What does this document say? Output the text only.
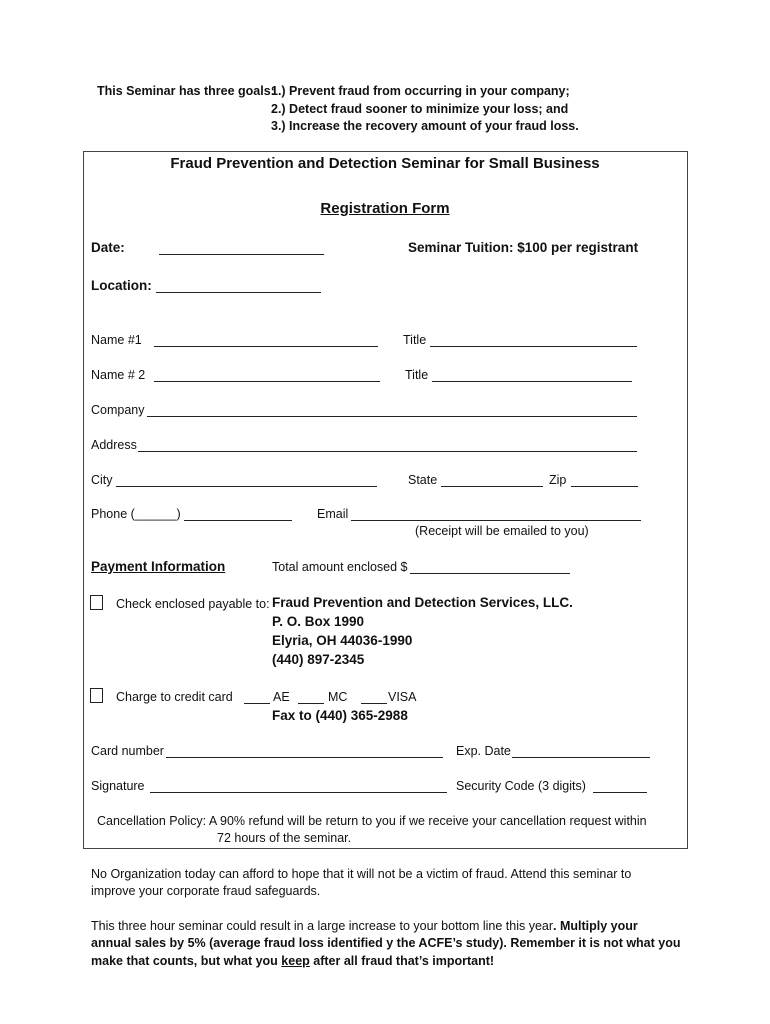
This Seminar has three goals:
1.) Prevent fraud from occurring in your company;
2.) Detect fraud sooner to minimize your loss; and
3.) Increase the recovery amount of your fraud loss.
Fraud Prevention and Detection Seminar for Small Business
Registration Form
Date:	Seminar Tuition: $100 per registrant
Location:
Name #1	Title
Name # 2	Title
Company
Address
City	State	Zip
Phone (______)	Email
(Receipt will be emailed to you)
Payment Information	Total amount enclosed $
Check enclosed payable to: Fraud Prevention and Detection Services, LLC.
P. O. Box 1990
Elyria, OH 44036-1990
(440) 897-2345
Charge to credit card	AE	MC	VISA
Fax to (440) 365-2988
Card number	Exp. Date
Signature	Security Code (3 digits)
Cancellation Policy: A 90% refund will be return to you if we receive your cancellation request within
72 hours of the seminar.
No Organization today can afford to hope that it will not be a victim of fraud. Attend this seminar to
improve your corporate fraud safeguards.
This three hour seminar could result in a large increase to your bottom line this year. Multiply your
annual sales by 5% (average fraud loss identified y the ACFE’s study). Remember it is not what you
make that counts, but what you keep after all fraud that’s important!
